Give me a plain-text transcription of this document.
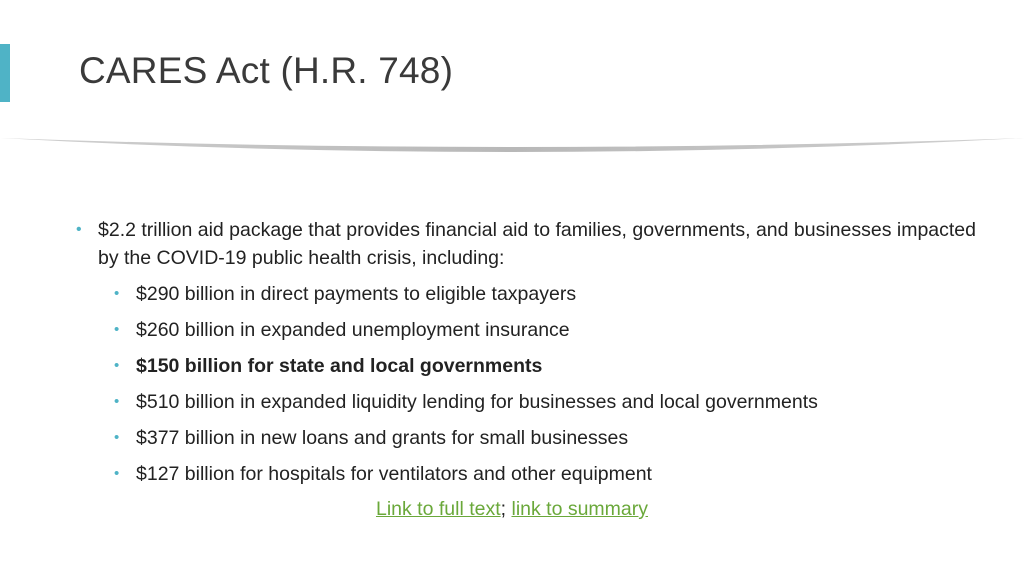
CARES Act (H.R. 748)
• $2.2 trillion aid package that provides financial aid to families, governments, and businesses impacted by the COVID-19 public health crisis, including:
• $290 billion in direct payments to eligible taxpayers
• $260 billion in expanded unemployment insurance
• $150 billion for state and local governments
• $510 billion in expanded liquidity lending for businesses and local governments
• $377 billion in new loans and grants for small businesses
• $127 billion for hospitals for ventilators and other equipment
Link to full text; link to summary
